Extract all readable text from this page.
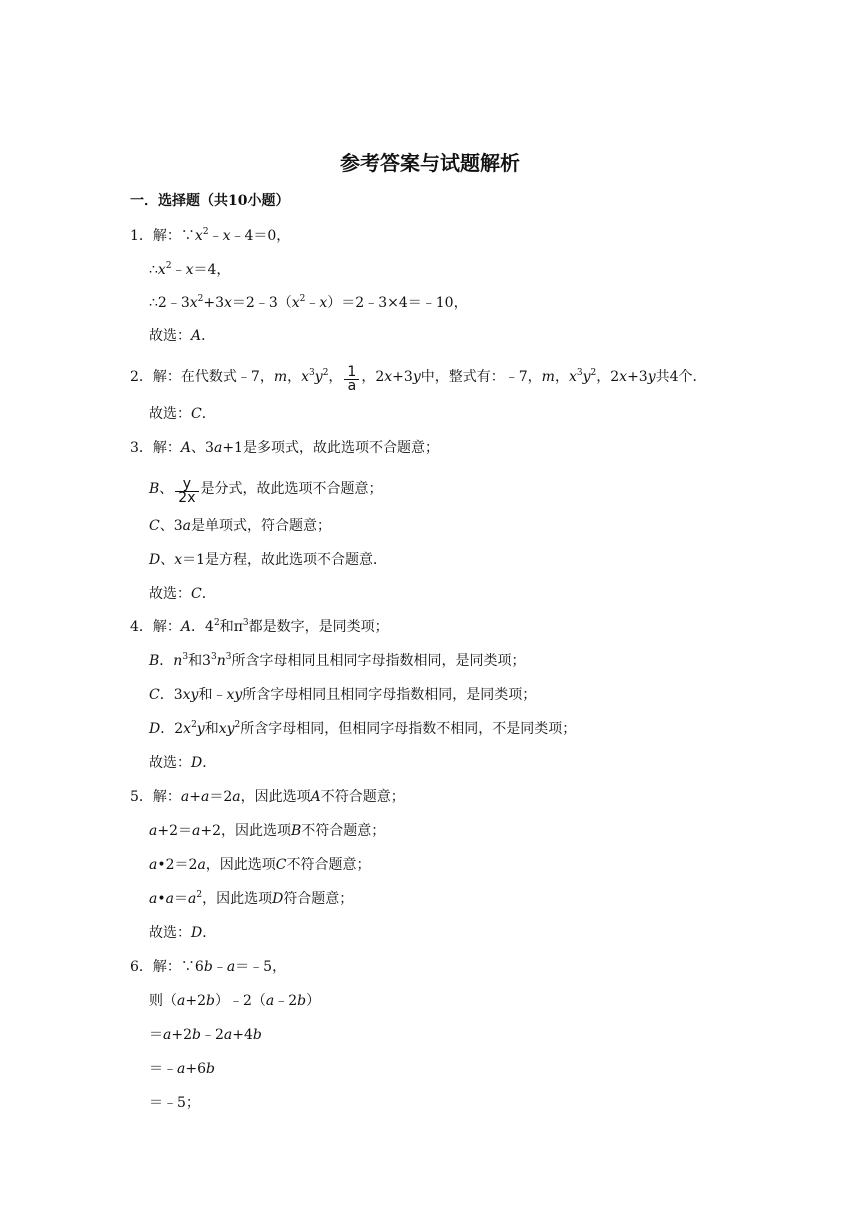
参考答案与试题解析
一．选择题（共10小题）
1．解：$\because x^2﹣x﹣4=0$，
$\therefore x^2﹣x=4$，
$\therefore 2﹣3x^2+3x=2﹣3(x^2﹣x)=2﹣3\times 4=﹣10$，
故选：A．
2．解：在代数式﹣7，m，$x^3y^2$， $\frac{1}{a}$ ，2x+3y中，整式有：﹣7，m，$x^3y^2$，2x+3y共4个．
故选：C．
3．解：A、3a+1是多项式，故此选项不合题意；
B、 $\frac{y}{2x}$ 是分式，故此选项不合题意；
C、3a是单项式，符合题意；
D、x＝1是方程，故此选项不合题意．
故选：C．
4．解：A．$4^2$和$\pi^3$都是数字，是同类项；
B．$n^3$和$3^3n^3$所含字母相同且相同字母指数相同，是同类项；
C．3xy和﹣xy所含字母相同且相同字母指数相同，是同类项；
D．$2x^2y$和$xy^2$所含字母相同，但相同字母指数不相同，不是同类项；
故选：D．
5．解：a+a＝2a，因此选项A不符合题意；
a+2＝a+2，因此选项B不符合题意；
a•2＝2a，因此选项C不符合题意；
$a•a=a^2$，因此选项D符合题意；
故选：D．
6．解：∵6b﹣a＝﹣5，
则（a+2b）﹣2（a﹣2b）
＝a+2b﹣2a+4b
＝﹣a+6b
＝﹣5；
